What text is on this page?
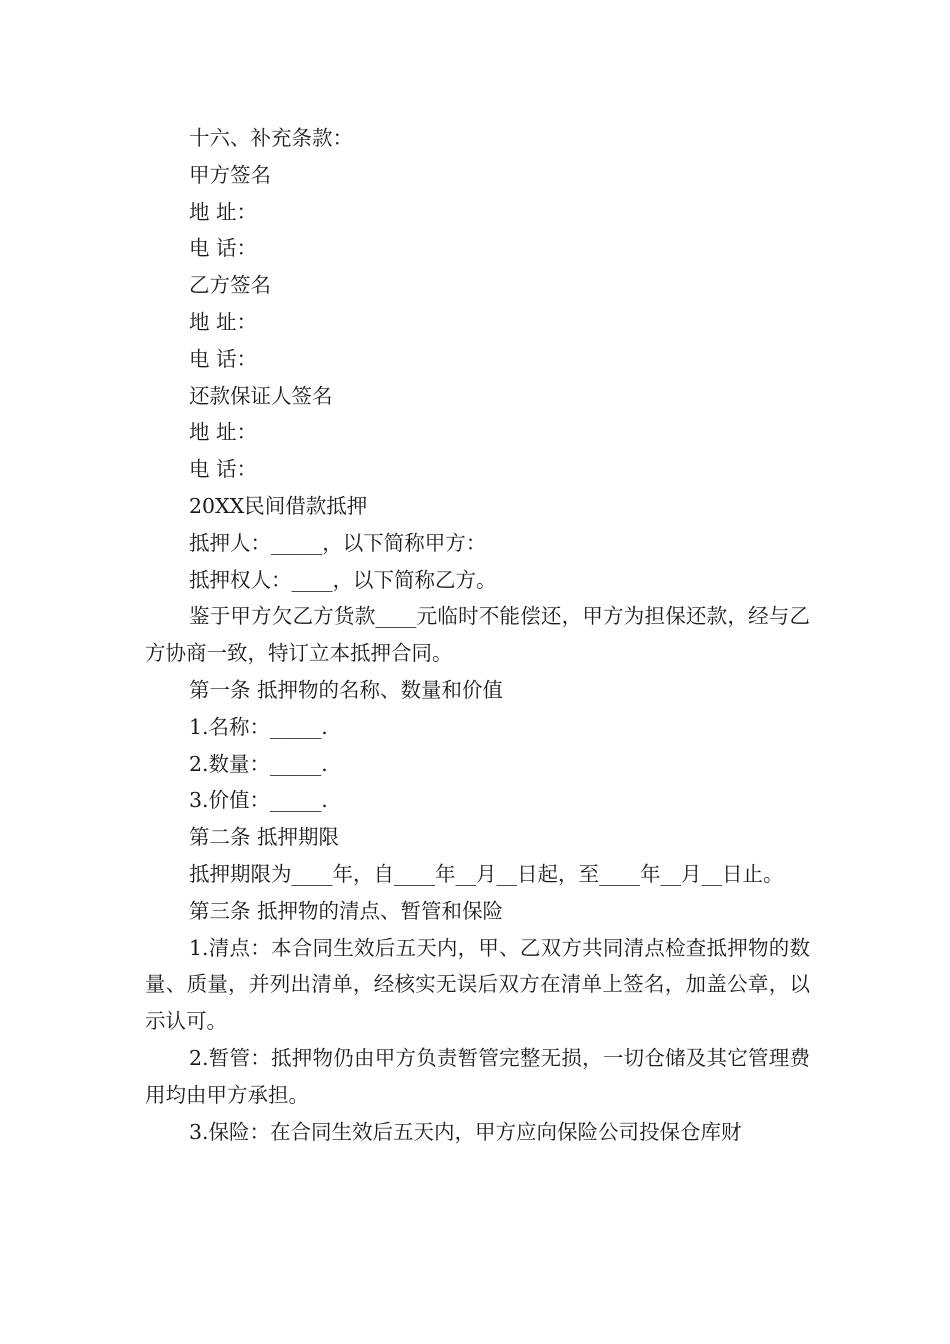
十六、补充条款：

甲方签名

地 址：

电 话：

乙方签名

地 址：

电 话：

还款保证人签名

地 址：

电 话：

20XX民间借款抵押

抵押人：_____，以下简称甲方：

抵押权人：____，以下简称乙方。

鉴于甲方欠乙方货款____元临时不能偿还，甲方为担保还款，经与乙方协商一致，特订立本抵押合同。

第一条 抵押物的名称、数量和价值

1.名称：_____.

2.数量：_____.

3.价值：_____.

第二条 抵押期限

抵押期限为____年，自____年__月__日起，至____年__月__日止。

第三条 抵押物的清点、暂管和保险

1.清点：本合同生效后五天内，甲、乙双方共同清点检查抵押物的数量、质量，并列出清单，经核实无误后双方在清单上签名，加盖公章，以示认可。

2.暂管：抵押物仍由甲方负责暂管完整无损，一切仓储及其它管理费用均由甲方承担。

3.保险：在合同生效后五天内，甲方应向保险公司投保仓库财
